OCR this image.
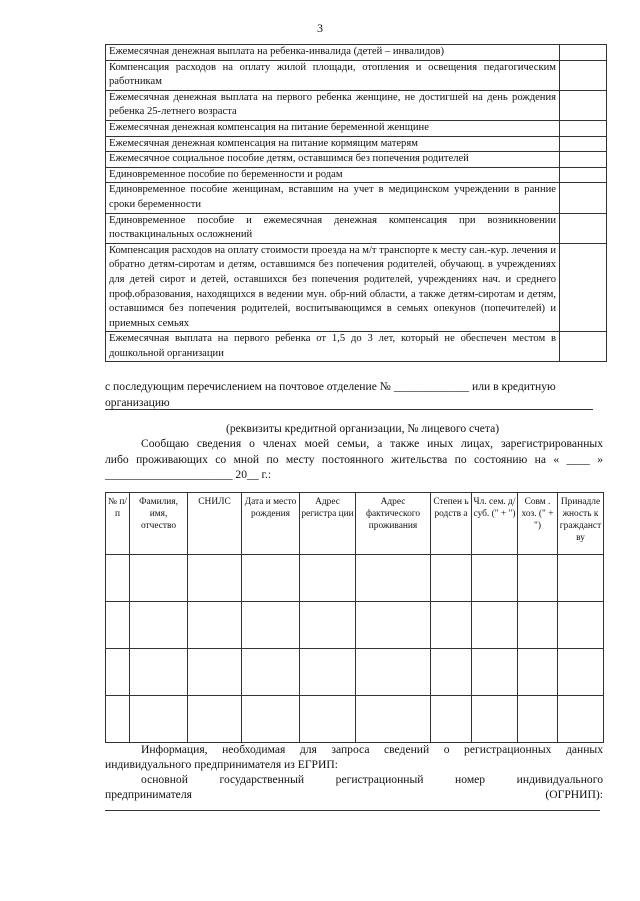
3
Ежемесячная денежная выплата на ребенка-инвалида (детей – инвалидов)	
Компенсация расходов на оплату жилой площади, отопления и освещения педагогическим работникам	
Ежемесячная денежная выплата на первого ребенка женщине, не достигшей на день рождения ребенка 25-летнего возраста	
Ежемесячная денежная компенсация на питание беременной женщине	
Ежемесячная денежная компенсация на питание кормящим матерям	
Ежемесячное социальное пособие детям, оставшимся без попечения родителей	
Единовременное пособие по беременности и родам	
Единовременное пособие женщинам, вставшим на учет в медицинском учреждении в ранние сроки беременности	
Единовременное пособие и ежемесячная денежная компенсация при возникновении поствакцинальных осложнений	
Компенсация расходов на оплату стоимости проезда на м/т транспорте к месту сан.-кур. лечения и обратно детям-сиротам и детям, оставшимся без попечения родителей, обучающ. в учреждениях для детей сирот и детей, оставшихся без попечения родителей, учреждениях нач. и среднего проф.образования, находящихся в ведении мун. обр-ний области, а также детям-сиротам и детям, оставшимся без попечения родителей, воспитывающимся в семьях опекунов (попечителей) и приемных семьях	
Ежемесячная выплата на первого ребенка от 1,5 до 3 лет, который не обеспечен местом в дошкольной организации	
с последующим перечислением на почтовое отделение № _____________ или в кредитную
организацию
(реквизиты кредитной организации, № лицевого счета)
Сообщаю сведения о членах моей семьи, а также иных лицах, зарегистрированных
либо проживающих со мной по месту постоянного жительства по состоянию на « ____ »
______________________ 20__ г.:
№ п/ п	Фамилия, имя, отчество	СНИЛС	Дата и место рождения	Адрес регистра ции	Адрес фактического проживания	Степен ь родств а	Чл. сем. д/суб. (" + ")	Совм . хоз. (" + ")	Принадле жность к гражданст ву

Информация, необходимая для запроса сведений о регистрационных данных
индивидуального предпринимателя из ЕГРИП:
основной государственный регистрационный номер индивидуального
предпринимателя	(ОГРНИП):
